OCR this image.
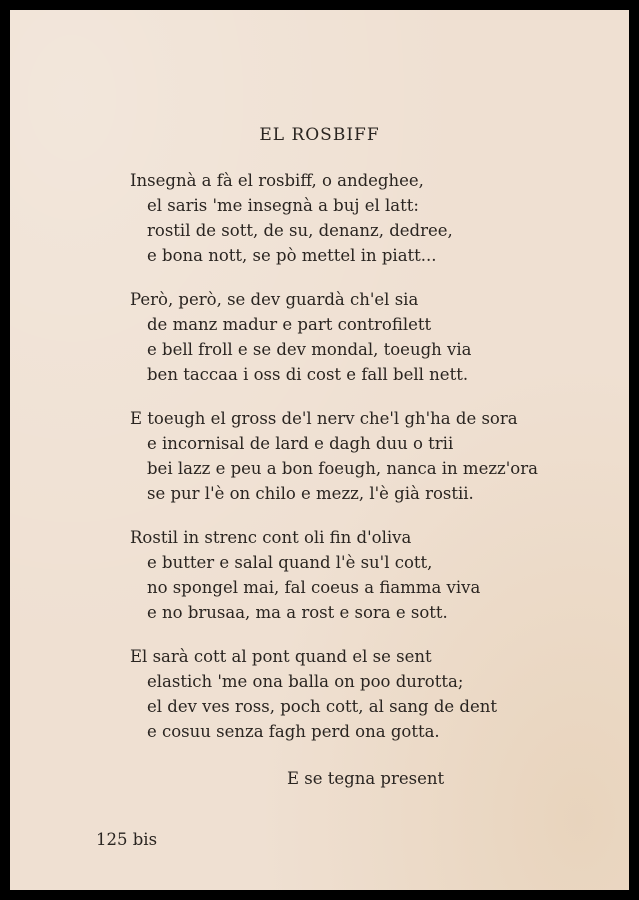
EL ROSBIFF
Insegnà a fà el rosbiff, o andeghee,
el saris 'me insegnà a buj el latt:
rostil de sott, de su, denanz, dedree,
e bona nott, se pò mettel in piatt...
Però, però, se dev guardà ch'el sia
de manz madur e part controfilett
e bell froll e se dev mondal, toeugh via
ben taccaa i oss di cost e fall bell nett.
E toeugh el gross de'l nerv che'l gh'ha de sora
e incornisal de lard e dagh duu o trii
bei lazz e peu a bon foeugh, nanca in mezz'ora
se pur l'è on chilo e mezz, l'è già rostii.
Rostil in strenc cont oli fin d'oliva
e butter e salal quand l'è su'l cott,
no spongel mai, fal coeus a fiamma viva
e no brusaa, ma a rost e sora e sott.
El sarà cott al pont quand el se sent
elastich 'me ona balla on poo durotta;
el dev ves ross, poch cott, al sang de dent
e cosuu senza fagh perd ona gotta.
E se tegna present
125 bis
